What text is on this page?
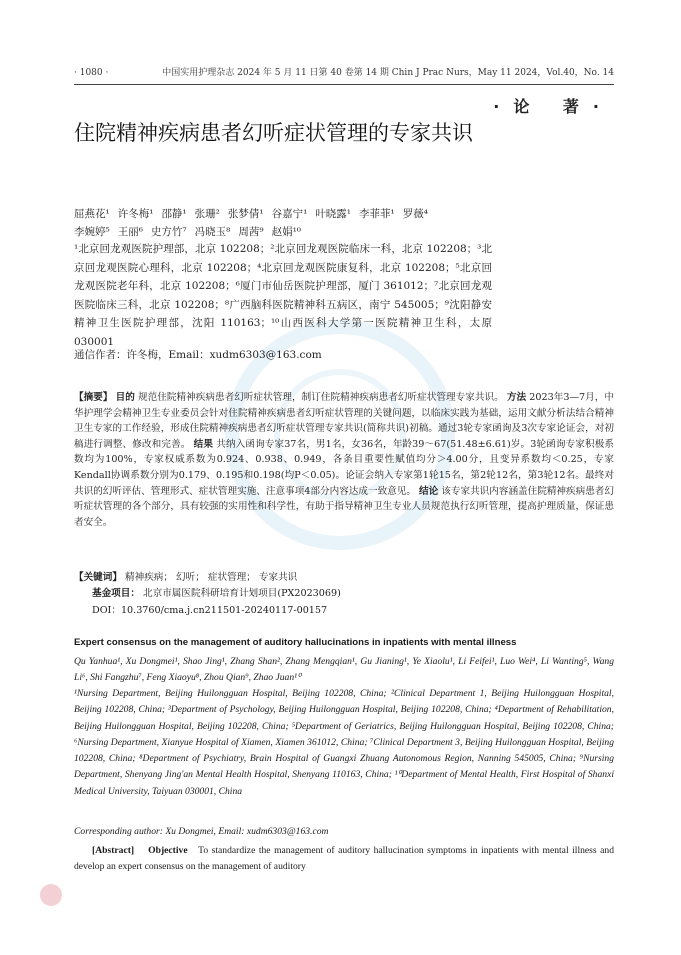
· 1080 ·	中国实用护理杂志 2024 年 5 月 11 日第 40 卷第 14 期 Chin J Prac Nurs，May 11 2024，Vol.40，No. 14
·论 著·
住院精神疾病患者幻听症状管理的专家共识
屈燕花¹ 许冬梅¹ 邵静¹ 张珊² 张梦倩¹ 谷嘉宁¹ 叶晓露¹ 李菲菲¹ 罗薇⁴
李婉婷⁵ 王丽⁶ 史方竹⁷ 冯晓玉⁸ 周茜⁹ 赵娟¹⁰
¹北京回龙观医院护理部，北京 102208；²北京回龙观医院临床一科，北京 102208；³北京回龙观医院心理科，北京 102208；⁴北京回龙观医院康复科，北京 102208；⁵北京回龙观医院老年科，北京 102208；⁶厦门市仙岳医院护理部，厦门 361012；⁷北京回龙观医院临床三科，北京 102208；⁸广西脑科医院精神科五病区，南宁 545005；⁹沈阳静安精神卫生医院护理部，沈阳 110163；¹⁰山西医科大学第一医院精神卫生科，太原 030001
通信作者：许冬梅，Email：xudm6303@163.com

【摘要】 目的 规范住院精神疾病患者幻听症状管理，制订住院精神疾病患者幻听症状管理专家共识。 方法 2023年3—7月，中华护理学会精神卫生专业委员会针对住院精神疾病患者幻听症状管理的关键问题，以临床实践为基础，运用文献分析法结合精神卫生专家的工作经验，形成住院精神疾病患者幻听症状管理专家共识(简称共识)初稿。通过3轮专家函询及3次专家论证会，对初稿进行调整、修改和完善。 结果 共纳入函询专家37名，男1名，女36名，年龄39～67(51.48±6.61)岁。3轮函询专家积极系数均为100%，专家权威系数为0.924、0.938、0.949，各条目重要性赋值均分＞4.00分，且变异系数均＜0.25，专家Kendall协调系数分别为0.179、0.195和0.198(均P＜0.05)。论证会纳入专家第1轮15名，第2轮12名，第3轮12名。最终对共识的幻听评估、管理形式、症状管理实施、注意事项4部分内容达成一致意见。 结论 该专家共识内容涵盖住院精神疾病患者幻听症状管理的各个部分，具有较强的实用性和科学性，有助于指导精神卫生专业人员规范执行幻听管理，提高护理质量，保证患者安全。

【关键词】 精神疾病； 幻听； 症状管理； 专家共识
基金项目： 北京市属医院科研培育计划项目(PX2023069)
DOI：10.3760/cma.j.cn211501-20240117-00157
Expert consensus on the management of auditory hallucinations in inpatients with mental illness
Qu Yanhua¹, Xu Dongmei¹, Shao Jing¹, Zhang Shan², Zhang Mengqian¹, Gu Jianing¹, Ye Xiaolu¹, Li Feifei¹, Luo Wei⁴, Li Wanting⁵, Wang Li⁶, Shi Fangzhu⁷, Feng Xiaoyu⁸, Zhou Qian⁹, Zhao Juan¹⁰
¹Nursing Department, Beijing Huilongguan Hospital, Beijing 102208, China; ²Clinical Department 1, Beijing Huilongguan Hospital, Beijing 102208, China; ³Department of Psychology, Beijing Huilongguan Hospital, Beijing 102208, China; ⁴Department of Rehabilitation, Beijing Huilongguan Hospital, Beijing 102208, China; ⁵Department of Geriatrics, Beijing Huilongguan Hospital, Beijing 102208, China; ⁶Nursing Department, Xianyue Hospital of Xiamen, Xiamen 361012, China; ⁷Clinical Department 3, Beijing Huilongguan Hospital, Beijing 102208, China; ⁸Department of Psychiatry, Brain Hospital of Guangxi Zhuang Autonomous Region, Nanning 545005, China; ⁹Nursing Department, Shenyang Jing'an Mental Health Hospital, Shenyang 110163, China; ¹⁰Department of Mental Health, First Hospital of Shanxi Medical University, Taiyuan 030001, China
Corresponding author: Xu Dongmei, Email: xudm6303@163.com
[Abstract] Objective To standardize the management of auditory hallucination symptoms in inpatients with mental illness and develop an expert consensus on the management of auditory
